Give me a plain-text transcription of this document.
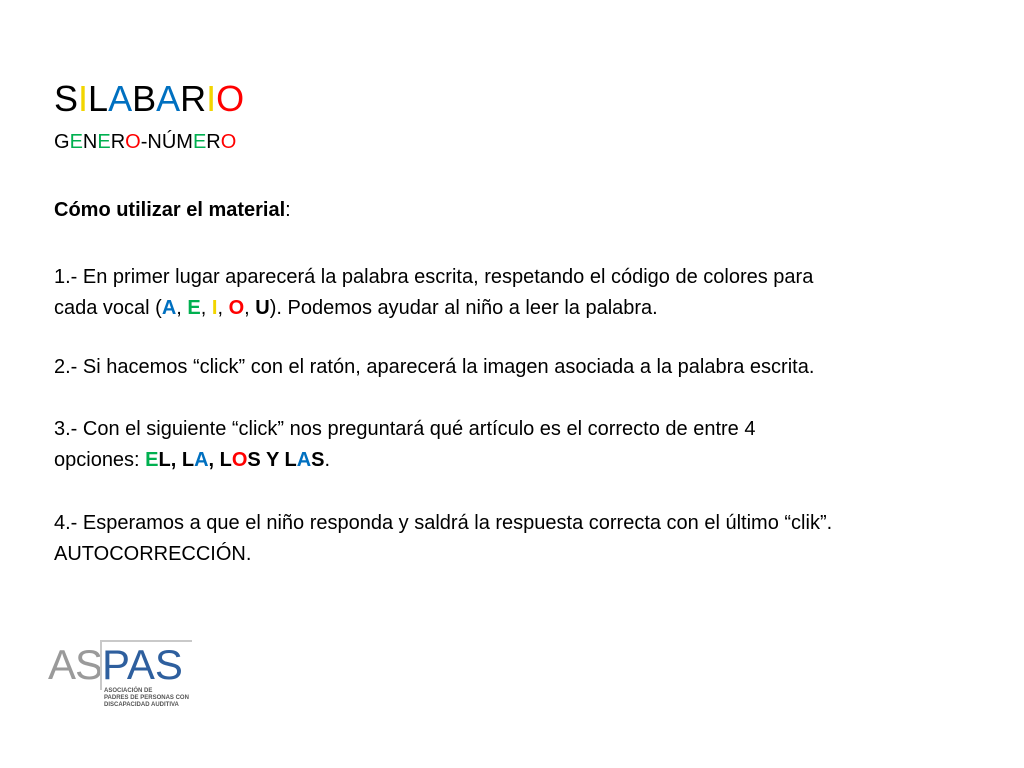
SILABARIO
GENERO-NÚMERO

Cómo utilizar el material:

1.- En primer lugar aparecerá la palabra escrita, respetando el código de colores para
cada vocal (A, E, I, O, U). Podemos ayudar al niño a leer la palabra.

2.- Si hacemos “click” con el ratón, aparecerá la imagen asociada a la palabra escrita.

3.- Con el siguiente “click” nos preguntará qué artículo es el correcto de entre 4
opciones: EL, LA, LOS Y LAS.

4.- Esperamos a que el niño responda y saldrá la respuesta correcta con el último “clik”.
AUTOCORRECCIÓN.

AS PAS
ASOCIACIÓN DE
PADRES DE PERSONAS CON
DISCAPACIDAD AUDITIVA
